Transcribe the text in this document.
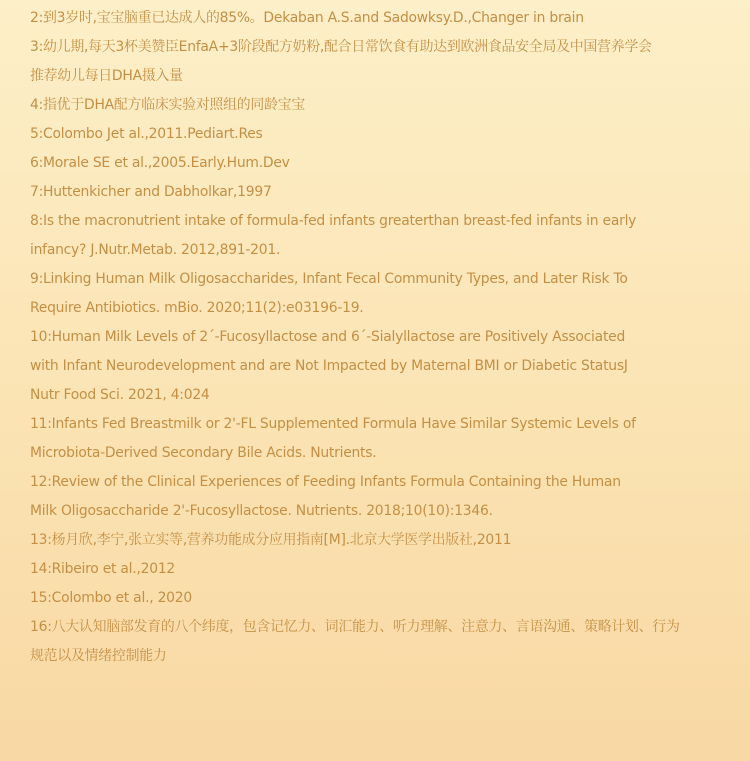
2:到3岁时,宝宝脑重已达成人的85%。Dekaban A.S.and Sadowksy.D.,Changer in brain
3:幼儿期,每天3杯美赞臣EnfaA+3阶段配方奶粉,配合日常饮食有助达到欧洲食品安全局及中国营养学会
推荐幼儿每日DHA摄入量
4:指优于DHA配方临床实验对照组的同龄宝宝
5:Colombo Jet al.,2011.Pediart.Res
6:Morale SE et al.,2005.Early.Hum.Dev
7:Huttenkicher and Dabholkar,1997
8:Is the macronutrient intake of formula-fed infants greaterthan breast-fed infants in early
infancy? J.Nutr.Metab. 2012,891-201.
9:Linking Human Milk Oligosaccharides, Infant Fecal Community Types, and Later Risk To
Require Antibiotics. mBio. 2020;11(2):e03196-19.
10:Human Milk Levels of 2´-Fucosyllactose and 6´-Sialyllactose are Positively Associated
with Infant Neurodevelopment and are Not Impacted by Maternal BMI or Diabetic StatusJ
Nutr Food Sci. 2021, 4:024
11:Infants Fed Breastmilk or 2'-FL Supplemented Formula Have Similar Systemic Levels of
Microbiota-Derived Secondary Bile Acids. Nutrients.
12:Review of the Clinical Experiences of Feeding Infants Formula Containing the Human
Milk Oligosaccharide 2'-Fucosyllactose. Nutrients. 2018;10(10):1346.
13:杨月欣,李宁,张立实等,营养功能成分应用指南[M].北京大学医学出版社,2011
14:Ribeiro et al.,2012
15:Colombo et al., 2020
16:八大认知脑部发育的八个纬度，包含记忆力、词汇能力、听力理解、注意力、言语沟通、策略计划、行为
规范以及情绪控制能力
